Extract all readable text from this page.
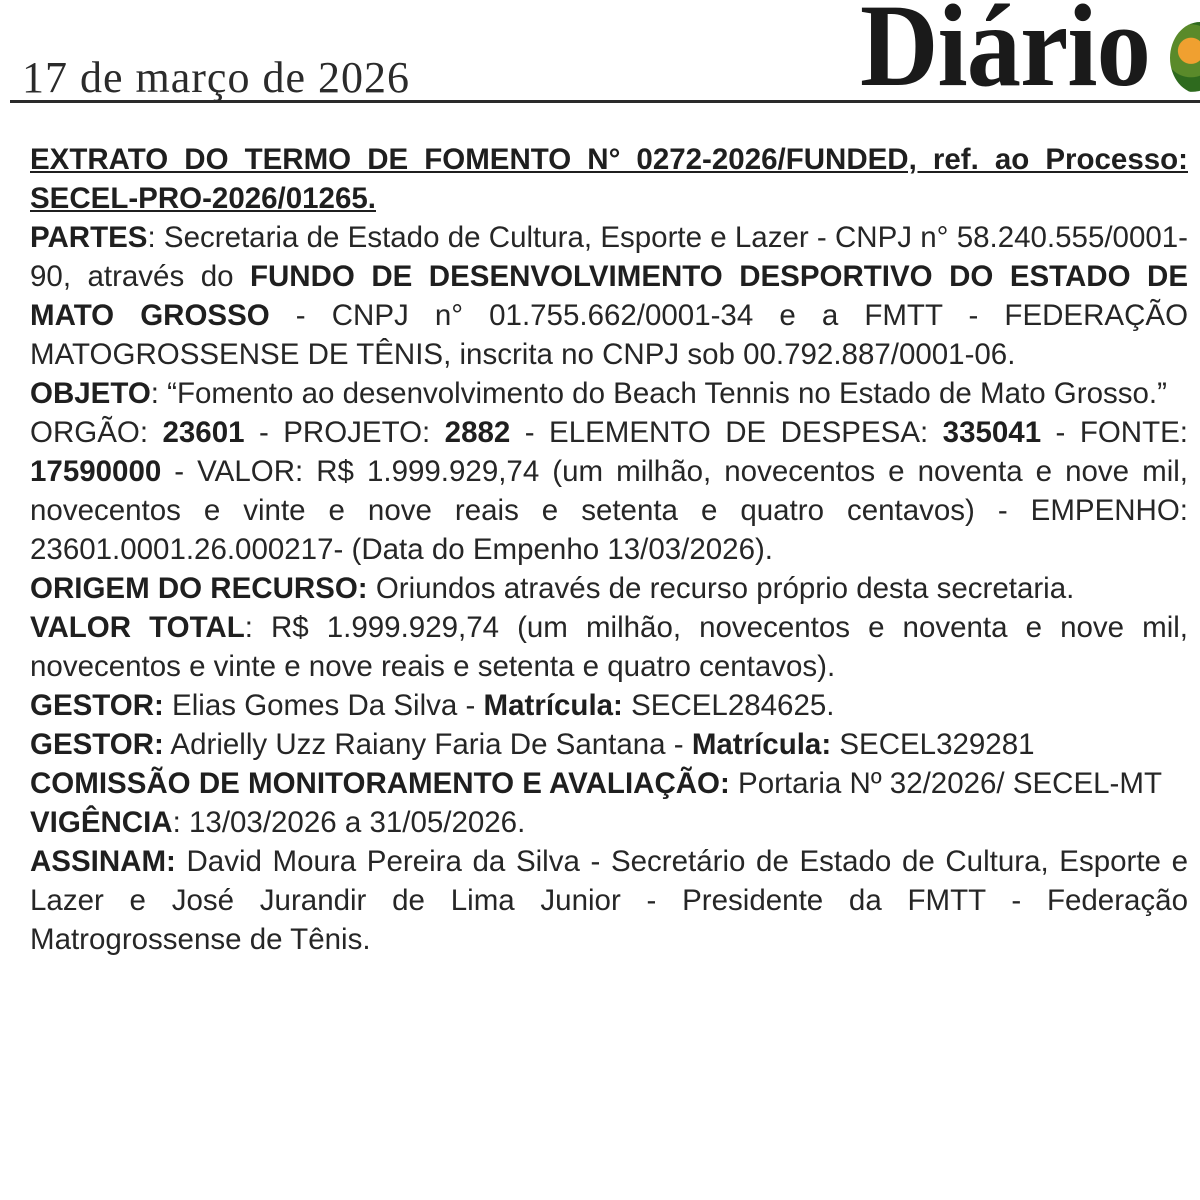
17 de março de 2026	Diário

EXTRATO DO TERMO DE FOMENTO N° 0272-2026/FUNDED, ref. ao Processo: SECEL-PRO-2026/01265.

PARTES: Secretaria de Estado de Cultura, Esporte e Lazer - CNPJ n° 58.240.555/0001-90, através do FUNDO DE DESENVOLVIMENTO DESPORTIVO DO ESTADO DE MATO GROSSO - CNPJ n° 01.755.662/0001-34 e a FMTT - FEDERAÇÃO MATOGROSSENSE DE TÊNIS, inscrita no CNPJ sob 00.792.887/0001-06.

OBJETO: “Fomento ao desenvolvimento do Beach Tennis no Estado de Mato Grosso.”

ORGÃO: 23601 - PROJETO: 2882 - ELEMENTO DE DESPESA: 335041 - FONTE: 17590000 - VALOR: R$ 1.999.929,74 (um milhão, novecentos e noventa e nove mil, novecentos e vinte e nove reais e setenta e quatro centavos) - EMPENHO: 23601.0001.26.000217- (Data do Empenho 13/03/2026).

ORIGEM DO RECURSO: Oriundos através de recurso próprio desta secretaria.

VALOR TOTAL: R$ 1.999.929,74 (um milhão, novecentos e noventa e nove mil, novecentos e vinte e nove reais e setenta e quatro centavos).

GESTOR: Elias Gomes Da Silva - Matrícula: SECEL284625.

GESTOR: Adrielly Uzz Raiany Faria De Santana - Matrícula: SECEL329281

COMISSÃO DE MONITORAMENTO E AVALIAÇÃO: Portaria Nº 32/2026/ SECEL-MT

VIGÊNCIA: 13/03/2026 a 31/05/2026.

ASSINAM: David Moura Pereira da Silva - Secretário de Estado de Cultura, Esporte e Lazer e José Jurandir de Lima Junior - Presidente da FMTT - Federação Matrogrossense de Tênis.
